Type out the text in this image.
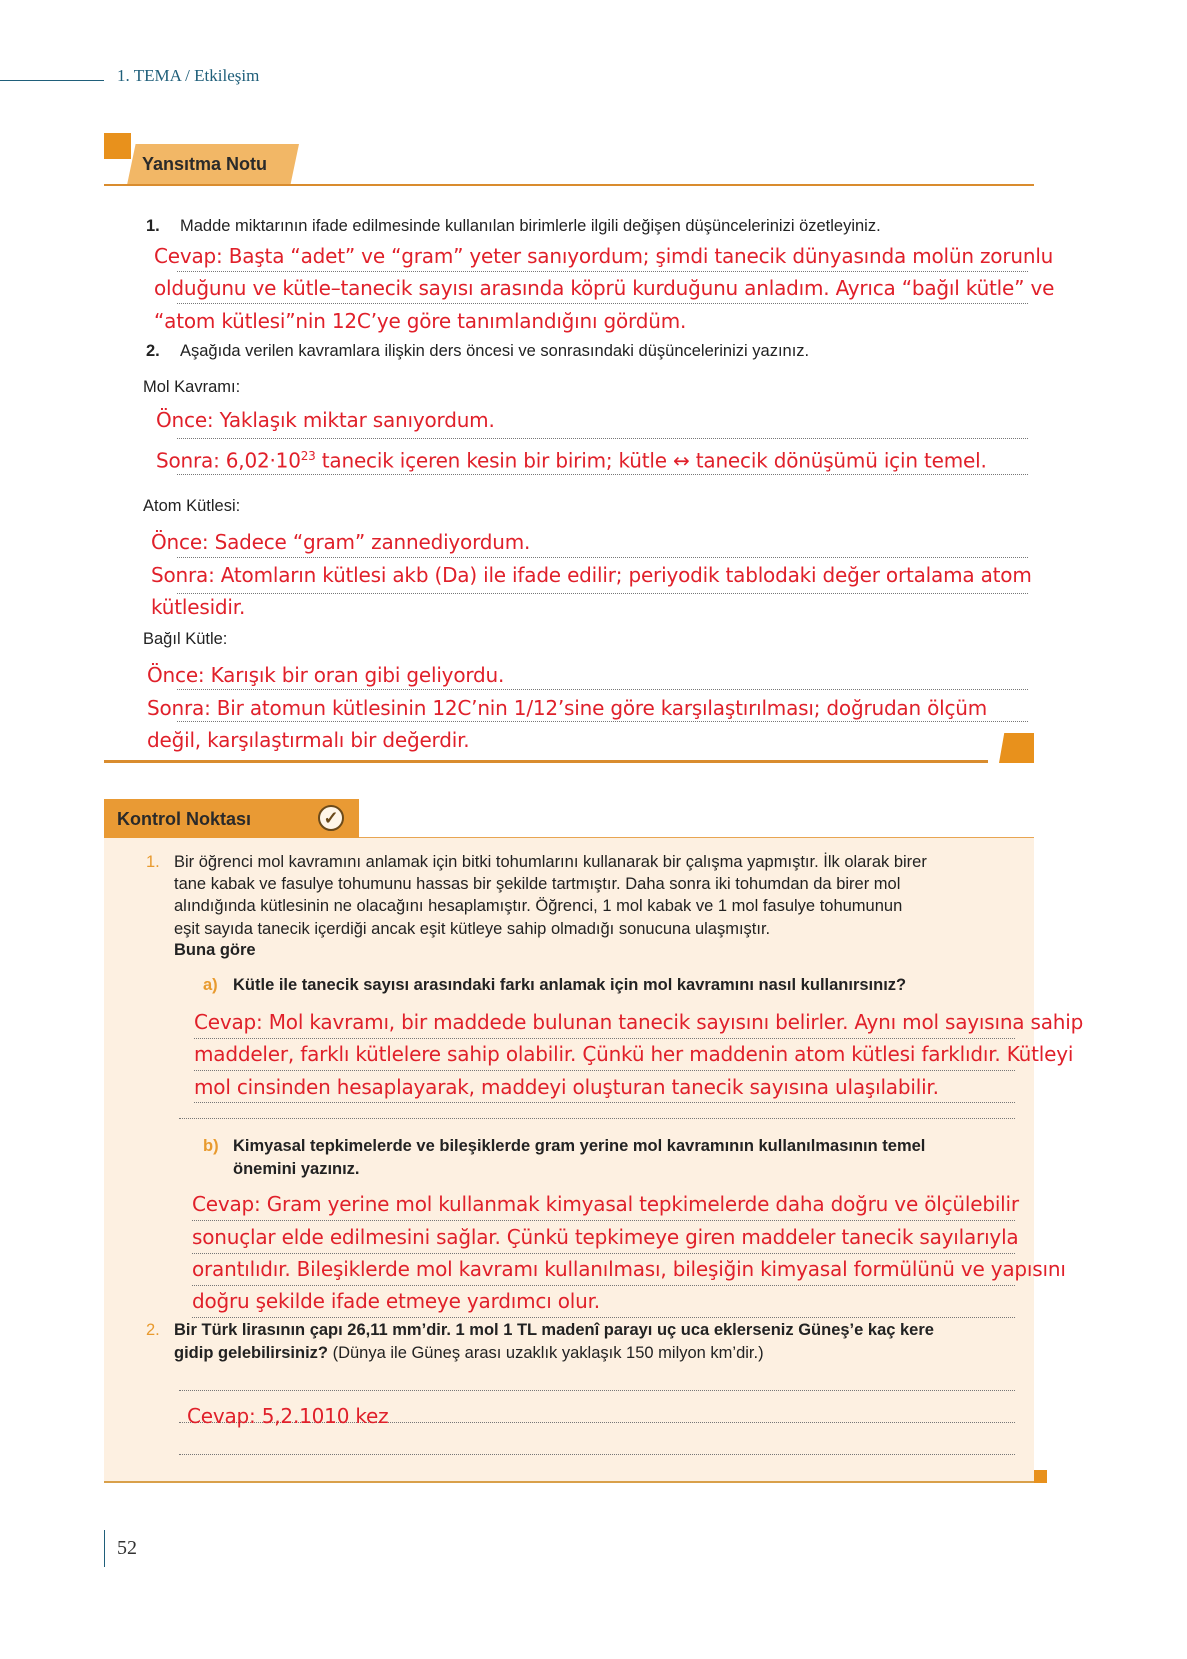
1. TEMA / Etkileşim
Yansıtma Notu
1. Madde miktarının ifade edilmesinde kullanılan birimlerle ilgili değişen düşüncelerinizi özetleyiniz.
Cevap: Başta “adet” ve “gram” yeter sanıyordum; şimdi tanecik dünyasında molün zorunlu
olduğunu ve kütle–tanecik sayısı arasında köprü kurduğunu anladım. Ayrıca “bağıl kütle” ve
“atom kütlesi”nin 12C’ye göre tanımlandığını gördüm.
2. Aşağıda verilen kavramlara ilişkin ders öncesi ve sonrasındaki düşüncelerinizi yazınız.
Mol Kavramı:
Önce: Yaklaşık miktar sanıyordum.
Sonra: $6,02\cdot 10^{23}$ tanecik içeren kesin bir birim; kütle ↔ tanecik dönüşümü için temel.
Atom Kütlesi:
Önce: Sadece “gram” zannediyordum.
Sonra: Atomların kütlesi akb (Da) ile ifade edilir; periyodik tablodaki değer ortalama atom
kütlesidir.
Bağıl Kütle:
Önce: Karışık bir oran gibi geliyordu.
Sonra: Bir atomun kütlesinin 12C’nin 1/12’sine göre karşılaştırılması; doğrudan ölçüm
değil, karşılaştırmalı bir değerdir.
Kontrol Noktası	✓
1. Bir öğrenci mol kavramını anlamak için bitki tohumlarını kullanarak bir çalışma yapmıştır. İlk olarak birer
tane kabak ve fasulye tohumunu hassas bir şekilde tartmıştır. Daha sonra iki tohumdan da birer mol
alındığında kütlesinin ne olacağını hesaplamıştır. Öğrenci, 1 mol kabak ve 1 mol fasulye tohumunun
eşit sayıda tanecik içerdiği ancak eşit kütleye sahip olmadığı sonucuna ulaşmıştır.
Buna göre
a) Kütle ile tanecik sayısı arasındaki farkı anlamak için mol kavramını nasıl kullanırsınız?
Cevap: Mol kavramı, bir maddede bulunan tanecik sayısını belirler. Aynı mol sayısına sahip
maddeler, farklı kütlelere sahip olabilir. Çünkü her maddenin atom kütlesi farklıdır. Kütleyi
mol cinsinden hesaplayarak, maddeyi oluşturan tanecik sayısına ulaşılabilir.
b) Kimyasal tepkimelerde ve bileşiklerde gram yerine mol kavramının kullanılmasının temel
önemini yazınız.
Cevap: Gram yerine mol kullanmak kimyasal tepkimelerde daha doğru ve ölçülebilir
sonuçlar elde edilmesini sağlar. Çünkü tepkimeye giren maddeler tanecik sayılarıyla
orantılıdır. Bileşiklerde mol kavramı kullanılması, bileşiğin kimyasal formülünü ve yapısını
doğru şekilde ifade etmeye yardımcı olur.
2. Bir Türk lirasının çapı 26,11 mm’dir. 1 mol 1 TL madenî parayı uç uca eklerseniz Güneş’e kaç kere
gidip gelebilirsiniz? (Dünya ile Güneş arası uzaklık yaklaşık 150 milyon km’dir.)
Cevap: 5,2.1010 kez
52
